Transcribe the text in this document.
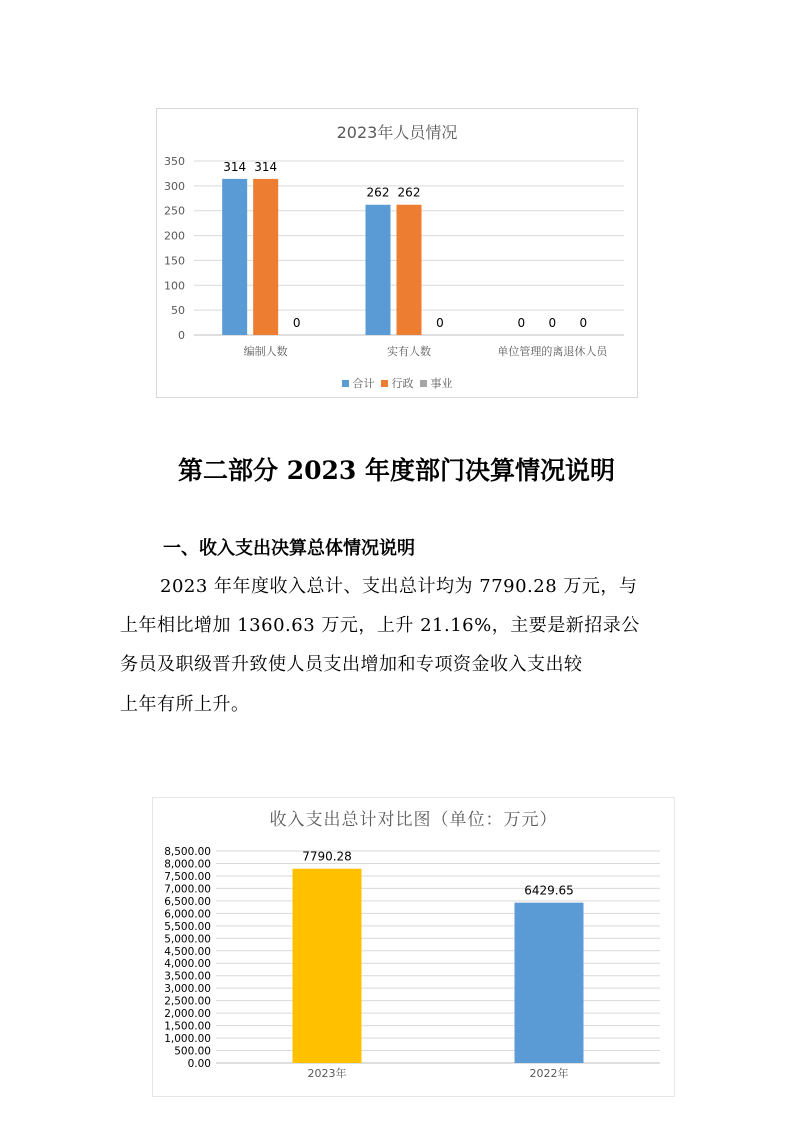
2023年人员情况
0
50
100
150
200
250
300
350	314 314
0
编制人数
262 262
0
实有人数
0 0 0
单位管理的离退休人员
合计 行政 事业
第二部分 2023 年度部门决算情况说明
一、收入支出决算总体情况说明
2023 年年度收入总计、支出总计均为 7790.28 万元，与
上年相比增加 1360.63 万元，上升 21.16%，主要是新招录公
务员及职级晋升致使人员支出增加和专项资金收入支出较
上年有所上升。
收入支出总计对比图（单位：万元）
0.00
500.00
1,000.00
1,500.00
2,000.00
2,500.00
3,000.00
3,500.00
4,000.00
4,500.00
5,000.00
5,500.00
6,000.00
6,500.00
7,000.00
7,500.00
8,000.00
8,500.00	7790.28
2023年
6429.65
2022年
